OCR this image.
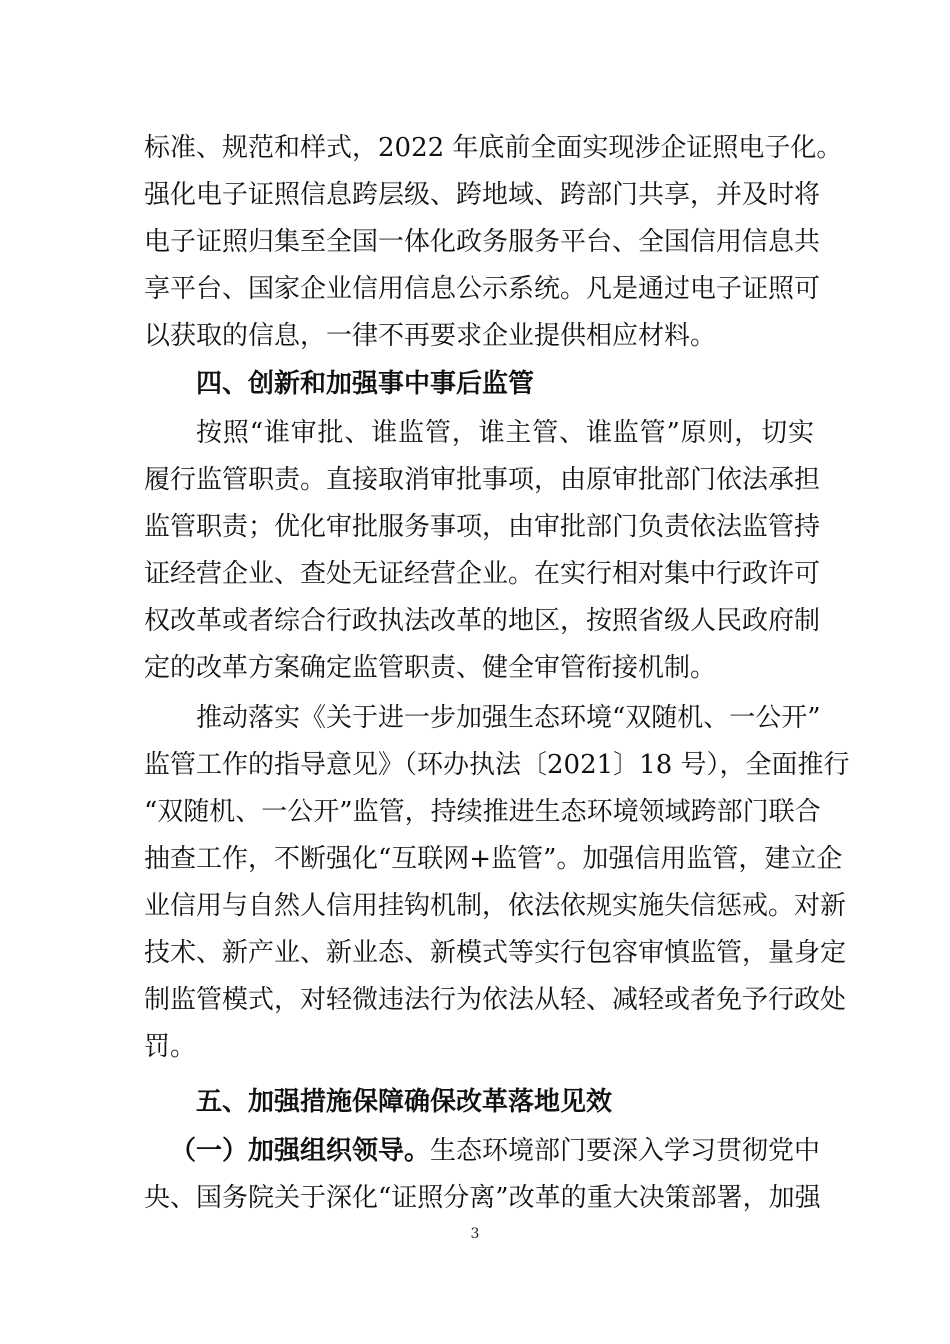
标准、规范和样式，2022 年底前全面实现涉企证照电子化。
强化电子证照信息跨层级、跨地域、跨部门共享，并及时将
电子证照归集至全国一体化政务服务平台、全国信用信息共
享平台、国家企业信用信息公示系统。凡是通过电子证照可
以获取的信息，一律不再要求企业提供相应材料。
四、创新和加强事中事后监管
按照“谁审批、谁监管，谁主管、谁监管”原则，切实
履行监管职责。直接取消审批事项，由原审批部门依法承担
监管职责；优化审批服务事项，由审批部门负责依法监管持
证经营企业、查处无证经营企业。在实行相对集中行政许可
权改革或者综合行政执法改革的地区，按照省级人民政府制
定的改革方案确定监管职责、健全审管衔接机制。
推动落实《关于进一步加强生态环境“双随机、一公开”
监管工作的指导意见》（环办执法〔2021〕18 号），全面推行
“双随机、一公开”监管，持续推进生态环境领域跨部门联合
抽查工作，不断强化“互联网+监管”。加强信用监管，建立企
业信用与自然人信用挂钩机制，依法依规实施失信惩戒。对新
技术、新产业、新业态、新模式等实行包容审慎监管，量身定
制监管模式，对轻微违法行为依法从轻、减轻或者免予行政处
罚。
五、加强措施保障确保改革落地见效
（一）加强组织领导。生态环境部门要深入学习贯彻党中
央、国务院关于深化“证照分离”改革的重大决策部署，加强
3
